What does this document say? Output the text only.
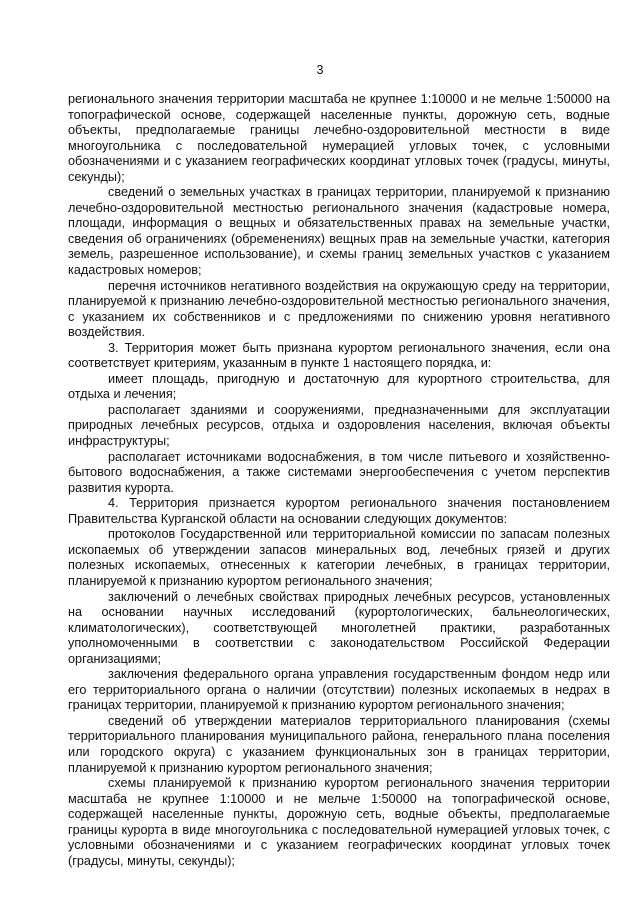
3

регионального значения территории масштаба не крупнее 1:10000 и не мельче 1:50000 на топографической основе, содержащей населенные пункты, дорожную сеть, водные объекты, предполагаемые границы лечебно-оздоровительной местности в виде многоугольника с последовательной нумерацией угловых точек, с условными обозначениями и с указанием географических координат угловых точек (градусы, минуты, секунды);

сведений о земельных участках в границах территории, планируемой к признанию лечебно-оздоровительной местностью регионального значения (кадастровые номера, площади, информация о вещных и обязательственных правах на земельные участки, сведения об ограничениях (обременениях) вещных прав на земельные участки, категория земель, разрешенное использование), и схемы границ земельных участков с указанием кадастровых номеров;

перечня источников негативного воздействия на окружающую среду на территории, планируемой к признанию лечебно-оздоровительной местностью регионального значения, с указанием их собственников и с предложениями по снижению уровня негативного воздействия.

3. Территория может быть признана курортом регионального значения, если она соответствует критериям, указанным в пункте 1 настоящего порядка, и:

имеет площадь, пригодную и достаточную для курортного строительства, для отдыха и лечения;

располагает зданиями и сооружениями, предназначенными для эксплуатации природных лечебных ресурсов, отдыха и оздоровления населения, включая объекты инфраструктуры;

располагает источниками водоснабжения, в том числе питьевого и хозяйственно-бытового водоснабжения, а также системами энергообеспечения с учетом перспектив развития курорта.

4. Территория признается курортом регионального значения постановлением Правительства Курганской области на основании следующих документов:

протоколов Государственной или территориальной комиссии по запасам полезных ископаемых об утверждении запасов минеральных вод, лечебных грязей и других полезных ископаемых, отнесенных к категории лечебных, в границах территории, планируемой к признанию курортом регионального значения;

заключений о лечебных свойствах природных лечебных ресурсов, установленных на основании научных исследований (курортологических, бальнеологических, климатологических), соответствующей многолетней практики, разработанных уполномоченными в соответствии с законодательством Российской Федерации организациями;

заключения федерального органа управления государственным фондом недр или его территориального органа о наличии (отсутствии) полезных ископаемых в недрах в границах территории, планируемой к признанию курортом регионального значения;

сведений об утверждении материалов территориального планирования (схемы территориального планирования муниципального района, генерального плана поселения или городского округа) с указанием функциональных зон в границах территории, планируемой к признанию курортом регионального значения;

схемы планируемой к признанию курортом регионального значения территории масштаба не крупнее 1:10000 и не мельче 1:50000 на топографической основе, содержащей населенные пункты, дорожную сеть, водные объекты, предполагаемые границы курорта в виде многоугольника с последовательной нумерацией угловых точек, с условными обозначениями и с указанием географических координат угловых точек (градусы, минуты, секунды);
